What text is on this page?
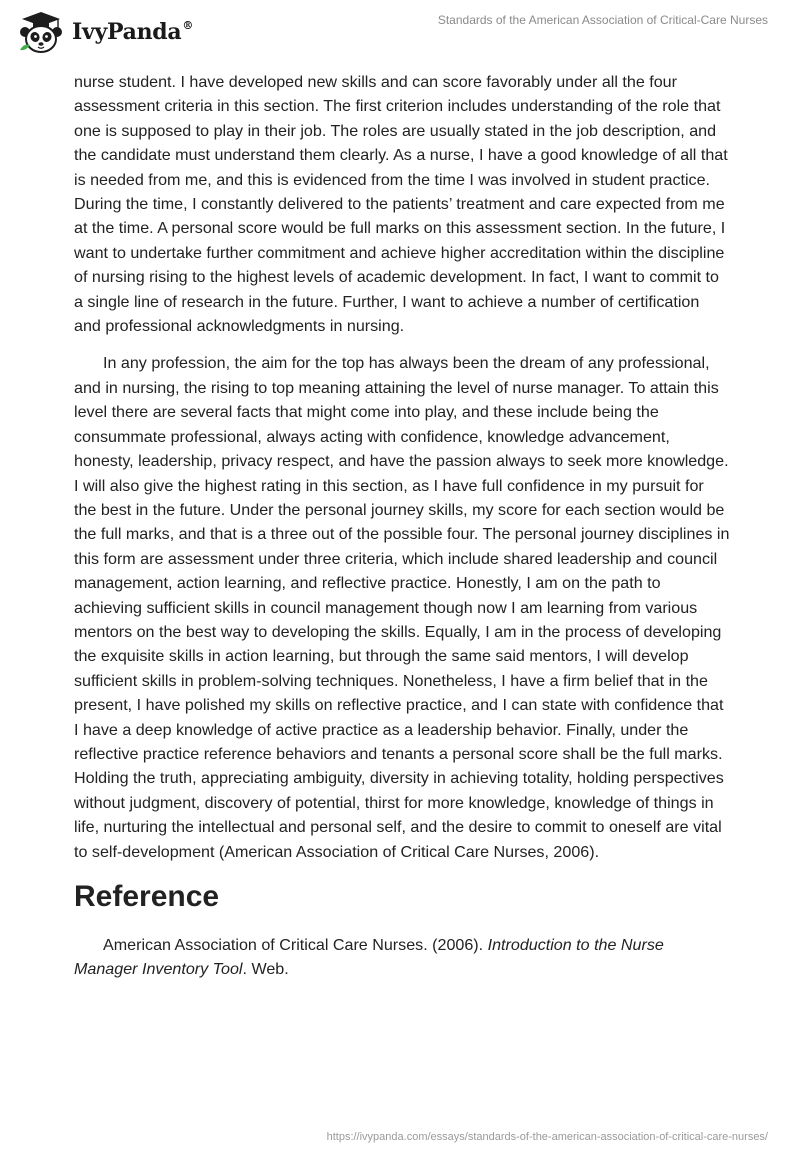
IvyPanda®	Standards of the American Association of Critical-Care Nurses

nurse student. I have developed new skills and can score favorably under all the four assessment criteria in this section. The first criterion includes understanding of the role that one is supposed to play in their job. The roles are usually stated in the job description, and the candidate must understand them clearly. As a nurse, I have a good knowledge of all that is needed from me, and this is evidenced from the time I was involved in student practice. During the time, I constantly delivered to the patients’ treatment and care expected from me at the time. A personal score would be full marks on this assessment section. In the future, I want to undertake further commitment and achieve higher accreditation within the discipline of nursing rising to the highest levels of academic development. In fact, I want to commit to a single line of research in the future. Further, I want to achieve a number of certification and professional acknowledgments in nursing.

In any profession, the aim for the top has always been the dream of any professional, and in nursing, the rising to top meaning attaining the level of nurse manager. To attain this level there are several facts that might come into play, and these include being the consummate professional, always acting with confidence, knowledge advancement, honesty, leadership, privacy respect, and have the passion always to seek more knowledge. I will also give the highest rating in this section, as I have full confidence in my pursuit for the best in the future. Under the personal journey skills, my score for each section would be the full marks, and that is a three out of the possible four. The personal journey disciplines in this form are assessment under three criteria, which include shared leadership and council management, action learning, and reflective practice. Honestly, I am on the path to achieving sufficient skills in council management though now I am learning from various mentors on the best way to developing the skills. Equally, I am in the process of developing the exquisite skills in action learning, but through the same said mentors, I will develop sufficient skills in problem-solving techniques. Nonetheless, I have a firm belief that in the present, I have polished my skills on reflective practice, and I can state with confidence that I have a deep knowledge of active practice as a leadership behavior. Finally, under the reflective practice reference behaviors and tenants a personal score shall be the full marks. Holding the truth, appreciating ambiguity, diversity in achieving totality, holding perspectives without judgment, discovery of potential, thirst for more knowledge, knowledge of things in life, nurturing the intellectual and personal self, and the desire to commit to oneself are vital to self-development (American Association of Critical Care Nurses, 2006).

Reference

American Association of Critical Care Nurses. (2006). Introduction to the Nurse Manager Inventory Tool. Web.

https://ivypanda.com/essays/standards-of-the-american-association-of-critical-care-nurses/
